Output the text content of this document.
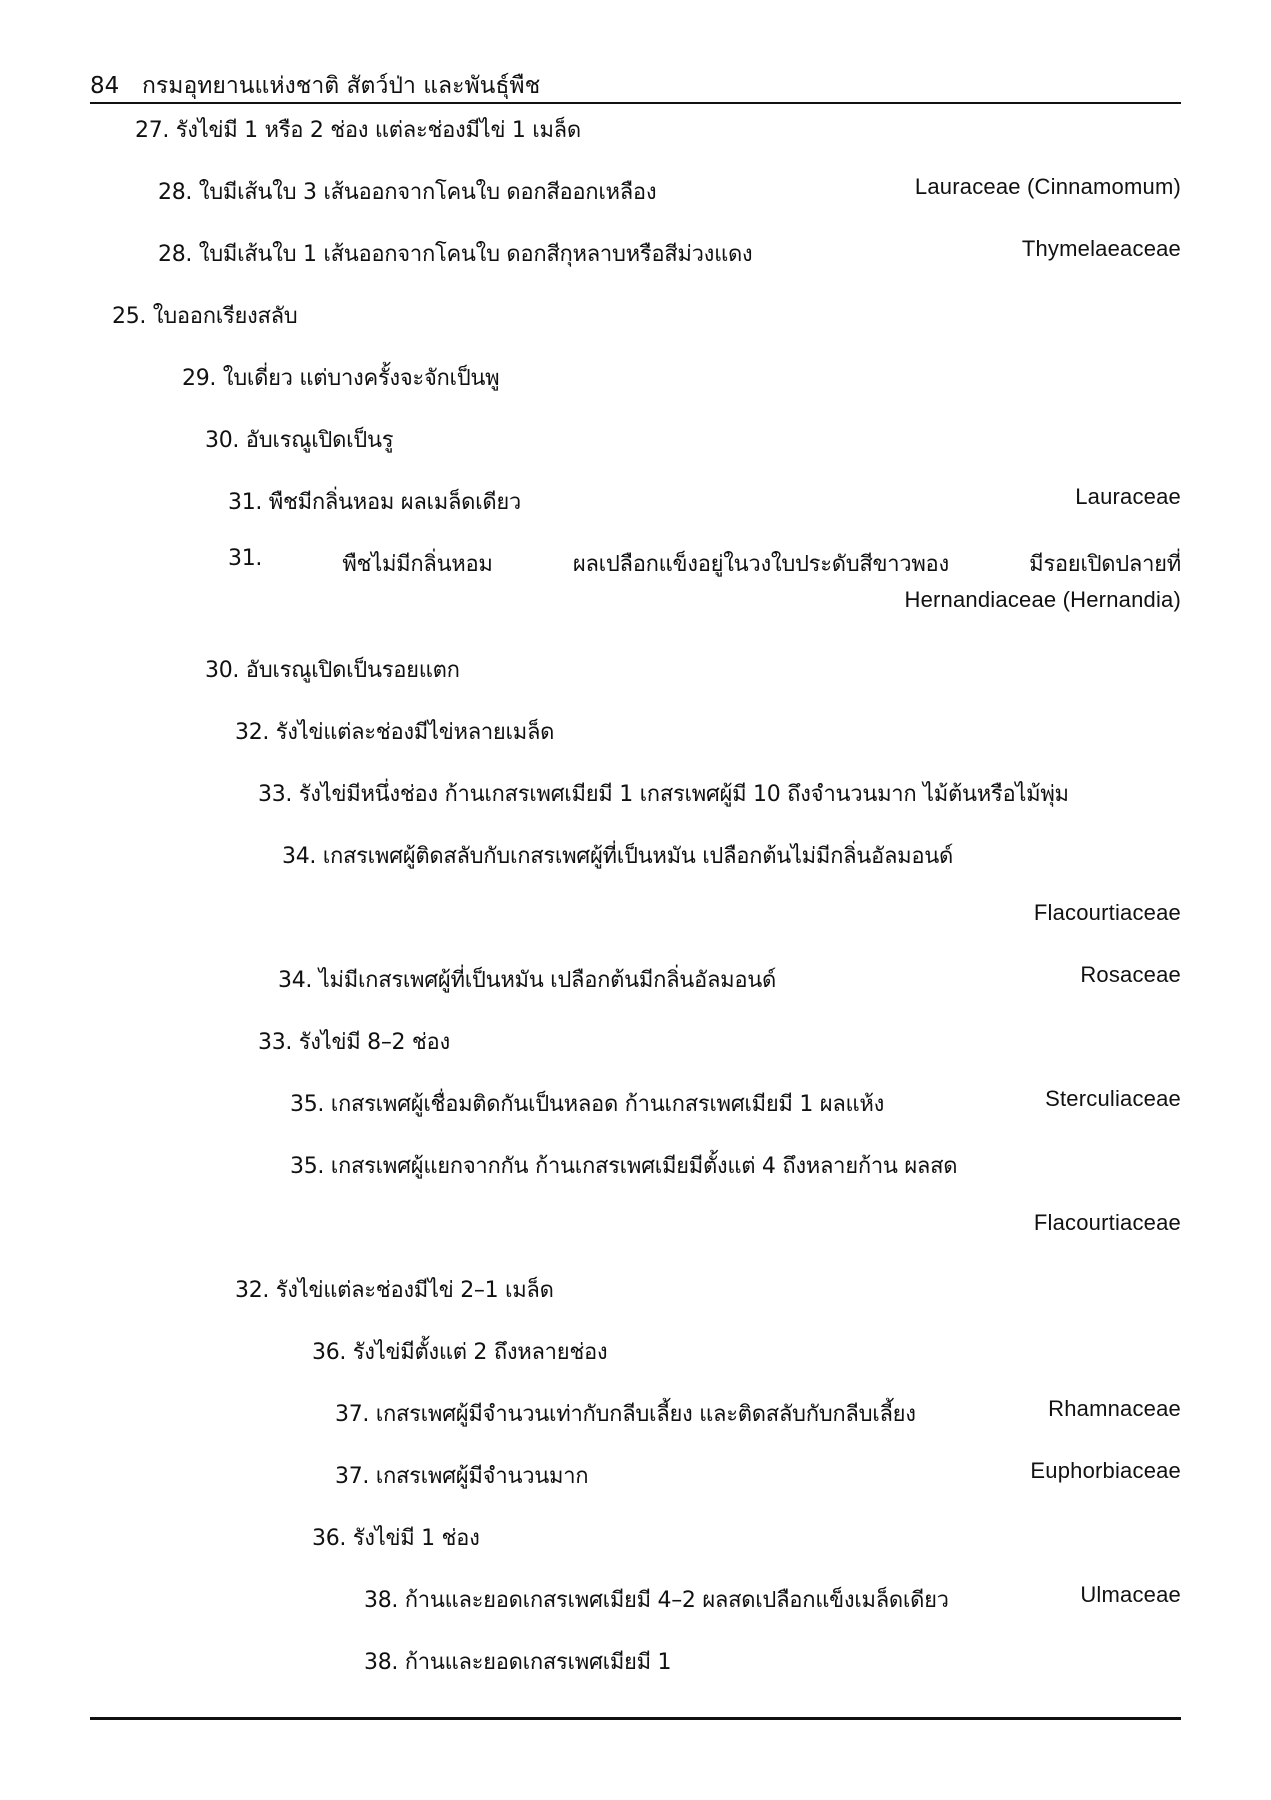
84 กรมอุทยานแห่งชาติ สัตว์ป่า และพันธุ์พืช
27. รังไข่มี 1 หรือ 2 ช่อง แต่ละช่องมีไข่ 1 เมล็ด
28. ใบมีเส้นใบ 3 เส้นออกจากโคนใบ ดอกสีออกเหลือง	Lauraceae (Cinnamomum)
28. ใบมีเส้นใบ 1 เส้นออกจากโคนใบ ดอกสีกุหลาบหรือสีม่วงแดง	Thymelaeaceae
25. ใบออกเรียงสลับ
29. ใบเดี่ยว แต่บางครั้งจะจักเป็นพู
30. อับเรณูเปิดเป็นรู
31. พืชมีกลิ่นหอม ผลเมล็ดเดียว	Lauraceae
31.	พืชไม่มีกลิ่นหอม	ผลเปลือกแข็งอยู่ในวงใบประดับสีขาวพอง	มีรอยเปิดปลายที่
Hernandiaceae (Hernandia)
30. อับเรณูเปิดเป็นรอยแตก
32. รังไข่แต่ละช่องมีไข่หลายเมล็ด
33. รังไข่มีหนึ่งช่อง ก้านเกสรเพศเมียมี 1 เกสรเพศผู้มี 10 ถึงจำนวนมาก ไม้ต้นหรือไม้พุ่ม
34. เกสรเพศผู้ติดสลับกับเกสรเพศผู้ที่เป็นหมัน เปลือกต้นไม่มีกลิ่นอัลมอนด์
Flacourtiaceae
34. ไม่มีเกสรเพศผู้ที่เป็นหมัน เปลือกต้นมีกลิ่นอัลมอนด์	Rosaceae
33. รังไข่มี 8–2 ช่อง
35. เกสรเพศผู้เชื่อมติดกันเป็นหลอด ก้านเกสรเพศเมียมี 1 ผลแห้ง	Sterculiaceae
35. เกสรเพศผู้แยกจากกัน ก้านเกสรเพศเมียมีตั้งแต่ 4 ถึงหลายก้าน ผลสด
Flacourtiaceae
32. รังไข่แต่ละช่องมีไข่ 2–1 เมล็ด
36. รังไข่มีตั้งแต่ 2 ถึงหลายช่อง
37. เกสรเพศผู้มีจำนวนเท่ากับกลีบเลี้ยง และติดสลับกับกลีบเลี้ยง	Rhamnaceae
37. เกสรเพศผู้มีจำนวนมาก	Euphorbiaceae
36. รังไข่มี 1 ช่อง
38. ก้านและยอดเกสรเพศเมียมี 4–2 ผลสดเปลือกแข็งเมล็ดเดียว	Ulmaceae
38. ก้านและยอดเกสรเพศเมียมี 1
